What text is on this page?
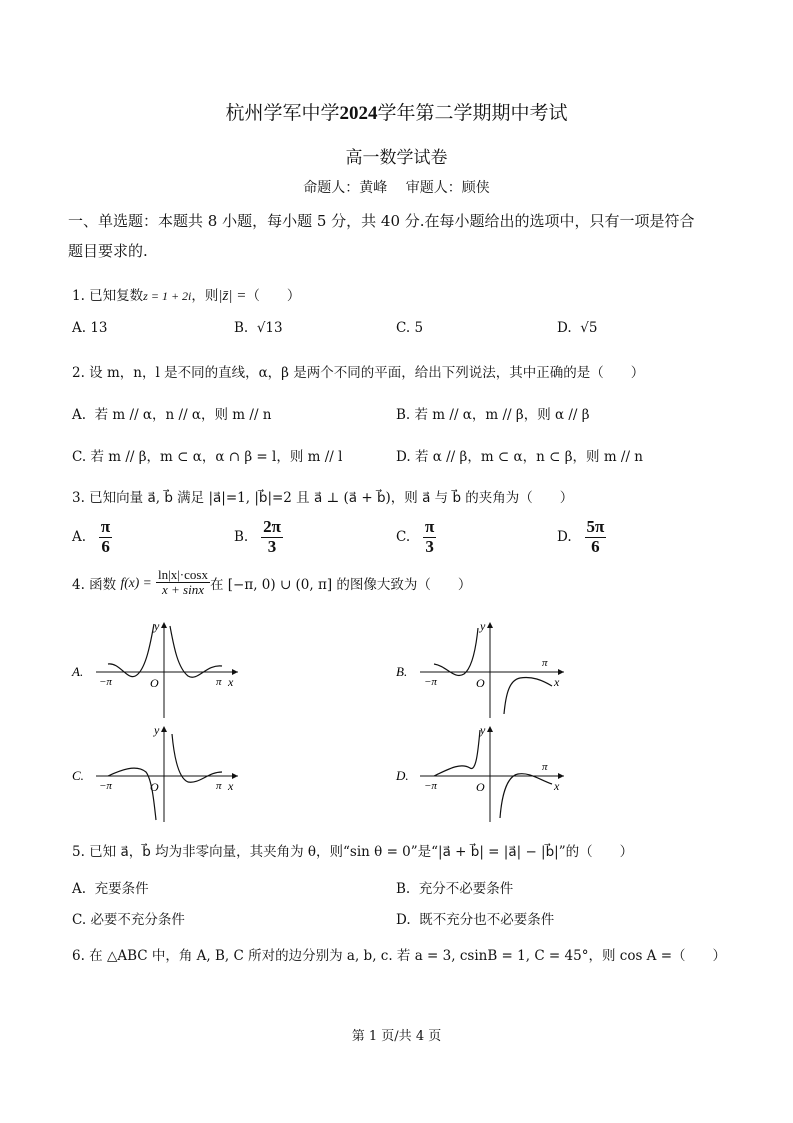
杭州学军中学2024学年第二学期期中考试
高一数学试卷
命题人：黄峰　 审题人：顾侠
一、单选题：本题共 8 小题，每小题 5 分，共 40 分.在每小题给出的选项中，只有一项是符合
题目要求的.
1. 已知复数z = 1 + 2i，则|z̄| =（　　）
A. 13	B. √13	C. 5	D. √5
2. 设 m，n，l 是不同的直线，α，β 是两个不同的平面，给出下列说法，其中正确的是（　　）
A. 若 m // α，n // α，则 m // n	B. 若 m // α，m // β，则 α // β
C. 若 m // β，m ⊂ α，α ∩ β = l，则 m // l	D. 若 α // β，m ⊂ α，n ⊂ β，则 m // n
3. 已知向量 a⃗, b⃗ 满足 |a⃗|=1, |b⃗|=2 且 a⃗ ⊥ (a⃗ + b⃗)，则 a⃗ 与 b⃗ 的夹角为（　　）
A. $\frac{\pi}{6}$	B. $\frac{2\pi}{3}$	C. $\frac{\pi}{3}$	D. $\frac{5\pi}{6}$
4. 函数 $f(x) = \frac{\ln|x|\cdot\cos x}{x + \sin x}$ 在 [−π, 0) ∪ (0, π] 的图像大致为（　　）
A.
y
x
O
−π	π
B.
y
x
O
−π
π
C.
y
x
O
−π	π
D.
y
x
O
−π
π
5. 已知 a⃗，b⃗ 均为非零向量，其夹角为 θ，则“sin θ = 0”是“|a⃗ + b⃗| = |a⃗| − |b⃗|”的（　　）
A. 充要条件	B. 充分不必要条件
C. 必要不充分条件	D. 既不充分也不必要条件
6. 在 △ABC 中，角 A, B, C 所对的边分别为 a, b, c. 若 a = 3, csinB = 1, C = 45°，则 cos A =（　　）
第 1 页/共 4 页
